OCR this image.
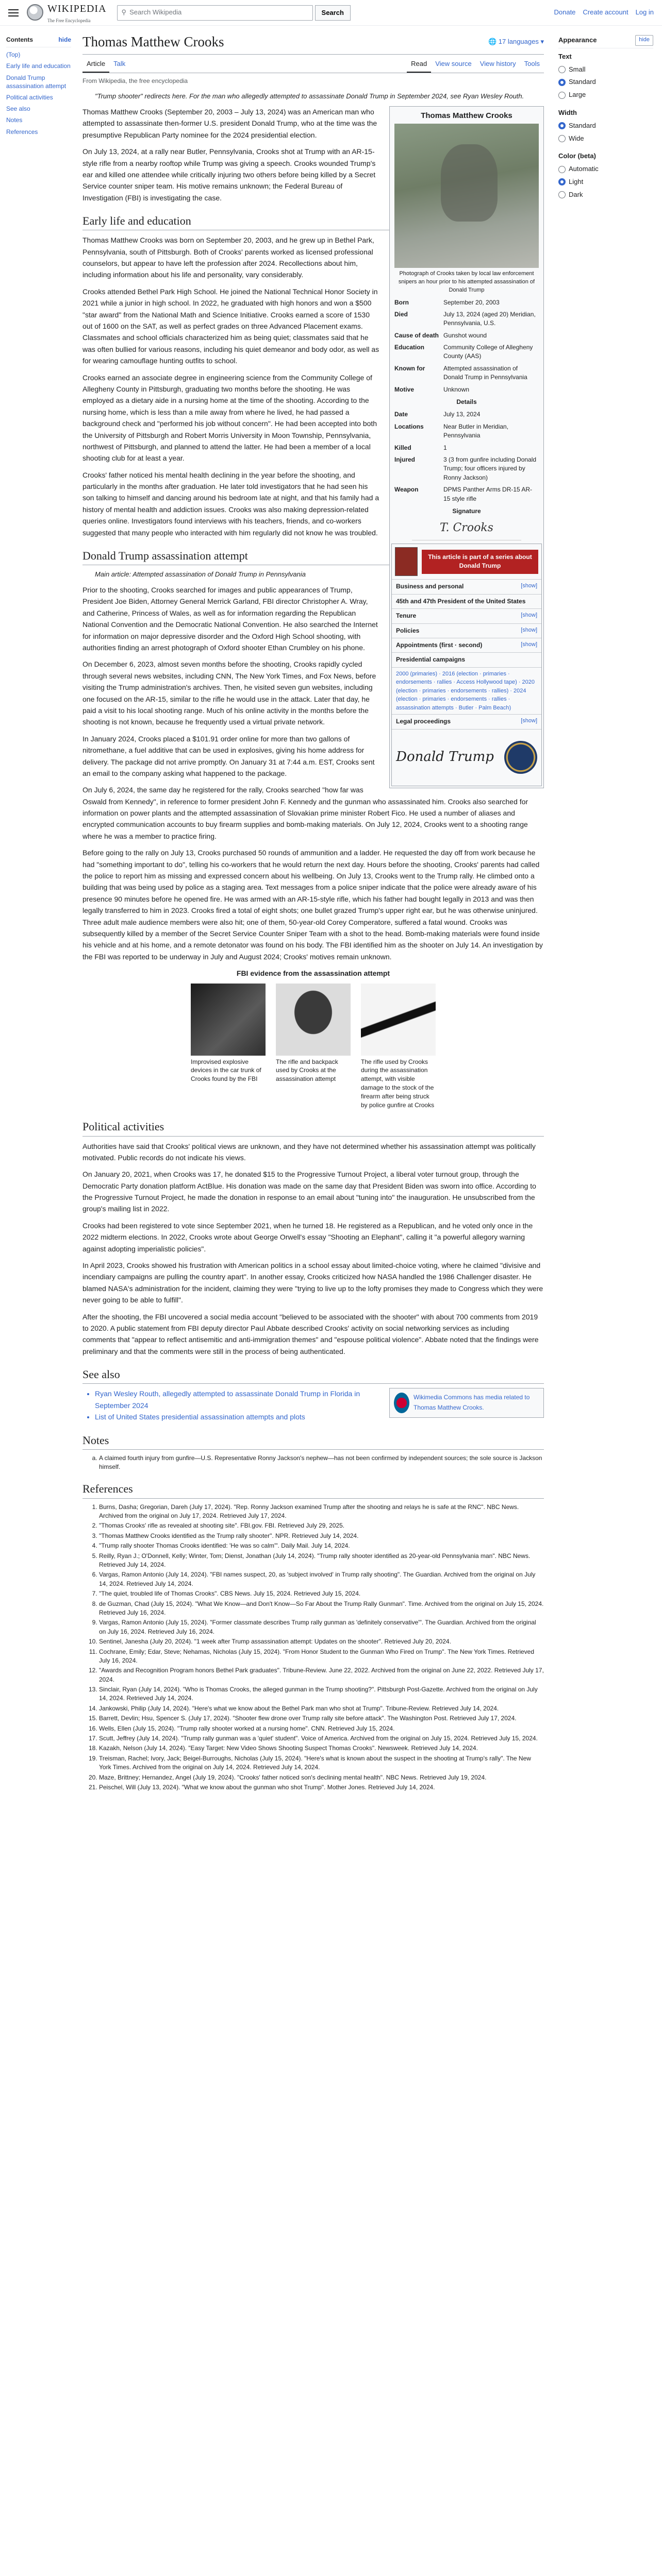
WIKIPEDIA
The Free Encyclopedia
⚲ Search Wikipedia	Search	Donate Create account Log in
Contents	hide
(Top)
Early life and education
Donald Trump assassination attempt
Political activities
See also
Notes
References
Thomas Matthew Crooks	🌐 17 languages ▾
Article	Talk	Read	View source	View history	Tools
From Wikipedia, the free encyclopedia
"Trump shooter" redirects here. For the man who allegedly attempted to assassinate Donald Trump in September 2024, see Ryan Wesley Routh.
Thomas Matthew Crooks
Photograph of Crooks taken by local law enforcement snipers an hour prior to his attempted assassination of Donald Trump
Born	September 20, 2003
Died	July 13, 2024 (aged 20) Meridian, Pennsylvania, U.S.
Cause of death Gunshot wound
Education	Community College of Allegheny County (AAS)
Known for	Attempted assassination of Donald Trump in Pennsylvania
Motive	Unknown
Details
Date	July 13, 2024
Locations	Near Butler in Meridian, Pennsylvania
Killed	1
Injured	3 (3 from gunfire including Donald Trump; four officers injured by Ronny Jackson)
Weapon	DPMS Panther Arms DR-15 AR-15 style rifle
Signature
T. Crooks
This article is part of a series about Donald Trump
Business and personal	[show]
45th and 47th President of the United States
Tenure	[show]
Policies	[show]
Appointments (first · second)	[show]
Presidential campaigns
2000 (primaries) · 2016 (election · primaries · endorsements · rallies · Access Hollywood tape) · 2020 (election · primaries · endorsements · rallies) · 2024 (election · primaries · endorsements · rallies · assassination attempts · Butler · Palm Beach)
Legal proceedings	[show]
Donald Trump

Thomas Matthew Crooks (September 20, 2003 – July 13, 2024) was an American man who attempted to assassinate then-former U.S. president Donald Trump, who at the time was the presumptive Republican Party nominee for the 2024 presidential election.

On July 13, 2024, at a rally near Butler, Pennsylvania, Crooks shot at Trump with an AR-15-style rifle from a nearby rooftop while Trump was giving a speech. Crooks wounded Trump's ear and killed one attendee while critically injuring two others before being killed by a Secret Service counter sniper team. His motive remains unknown; the Federal Bureau of Investigation (FBI) is investigating the case.

Early life and education

Thomas Matthew Crooks was born on September 20, 2003, and he grew up in Bethel Park, Pennsylvania, south of Pittsburgh. Both of Crooks' parents worked as licensed professional counselors, but appear to have left the profession after 2024. Recollections about him, including information about his life and personality, vary considerably.

Crooks attended Bethel Park High School. He joined the National Technical Honor Society in 2021 while a junior in high school. In 2022, he graduated with high honors and won a $500 "star award" from the National Math and Science Initiative. Crooks earned a score of 1530 out of 1600 on the SAT, as well as perfect grades on three Advanced Placement exams. Classmates and school officials characterized him as being quiet; classmates said that he was often bullied for various reasons, including his quiet demeanor and body odor, as well as for wearing camouflage hunting outfits to school.

Crooks earned an associate degree in engineering science from the Community College of Allegheny County in Pittsburgh, graduating two months before the shooting. He was employed as a dietary aide in a nursing home at the time of the shooting. According to the nursing home, which is less than a mile away from where he lived, he had passed a background check and "performed his job without concern". He had been accepted into both the University of Pittsburgh and Robert Morris University in Moon Township, Pennsylvania, northwest of Pittsburgh, and planned to attend the latter. He had been a member of a local shooting club for at least a year.

Crooks' father noticed his mental health declining in the year before the shooting, and particularly in the months after graduation. He later told investigators that he had seen his son talking to himself and dancing around his bedroom late at night, and that his family had a history of mental health and addiction issues. Crooks was also making depression-related queries online. Investigators found interviews with his teachers, friends, and co-workers suggested that many people who interacted with him regularly did not know he was troubled.

Donald Trump assassination attempt
Main article: Attempted assassination of Donald Trump in Pennsylvania

Prior to the shooting, Crooks searched for images and public appearances of Trump, President Joe Biden, Attorney General Merrick Garland, FBI director Christopher A. Wray, and Catherine, Princess of Wales, as well as for information regarding the Republican National Convention and the Democratic National Convention. He also searched the Internet for information on major depressive disorder and the Oxford High School shooting, with authorities finding an arrest photograph of Oxford shooter Ethan Crumbley on his phone.

On December 6, 2023, almost seven months before the shooting, Crooks rapidly cycled through several news websites, including CNN, The New York Times, and Fox News, before visiting the Trump administration's archives. Then, he visited seven gun websites, including one focused on the AR-15, similar to the rifle he would use in the attack. Later that day, he paid a visit to his local shooting range. Much of his online activity in the months before the shooting is not known, because he frequently used a virtual private network.

In January 2024, Crooks placed a $101.91 order online for more than two gallons of nitromethane, a fuel additive that can be used in explosives, giving his home address for delivery. The package did not arrive promptly. On January 31 at 7:44 a.m. EST, Crooks sent an email to the company asking what happened to the package.

On July 6, 2024, the same day he registered for the rally, Crooks searched "how far was Oswald from Kennedy", in reference to former president John F. Kennedy and the gunman who assassinated him. Crooks also searched for information on power plants and the attempted assassination of Slovakian prime minister Robert Fico. He used a number of aliases and encrypted communication accounts to buy firearm supplies and bomb-making materials. On July 12, 2024, Crooks went to a shooting range where he was a member to practice firing.

Before going to the rally on July 13, Crooks purchased 50 rounds of ammunition and a ladder. He requested the day off from work because he had "something important to do", telling his co-workers that he would return the next day. Hours before the shooting, Crooks' parents had called the police to report him as missing and expressed concern about his wellbeing. On July 13, Crooks went to the Trump rally. He climbed onto a building that was being used by police as a staging area. Text messages from a police sniper indicate that the police were already aware of his presence 90 minutes before he opened fire. He was armed with an AR-15-style rifle, which his father had bought legally in 2013 and was then legally transferred to him in 2023. Crooks fired a total of eight shots; one bullet grazed Trump's upper right ear, but he was otherwise uninjured. Three adult male audience members were also hit; one of them, 50-year-old Corey Comperatore, suffered a fatal wound. Crooks was subsequently killed by a member of the Secret Service Counter Sniper Team with a shot to the head. Bomb-making materials were found inside his vehicle and at his home, and a remote detonator was found on his body. The FBI identified him as the shooter on July 14. An investigation by the FBI was reported to be underway in July and August 2024; Crooks' motives remain unknown.

FBI evidence from the assassination attempt
Improvised explosive devices in the car trunk of Crooks found by the FBI
The rifle and backpack used by Crooks at the assassination attempt
The rifle used by Crooks during the assassination attempt, with visible damage to the stock of the firearm after being struck by police gunfire at Crooks
Political activities

Authorities have said that Crooks' political views are unknown, and they have not determined whether his assassination attempt was politically motivated. Public records do not indicate his views.

On January 20, 2021, when Crooks was 17, he donated $15 to the Progressive Turnout Project, a liberal voter turnout group, through the Democratic Party donation platform ActBlue. His donation was made on the same day that President Biden was sworn into office. According to the Progressive Turnout Project, he made the donation in response to an email about "tuning into" the inauguration. He unsubscribed from the group's mailing list in 2022.

Crooks had been registered to vote since September 2021, when he turned 18. He registered as a Republican, and he voted only once in the 2022 midterm elections. In 2022, Crooks wrote about George Orwell's essay "Shooting an Elephant", calling it "a powerful allegory warning against adopting imperialistic policies".

In April 2023, Crooks showed his frustration with American politics in a school essay about limited-choice voting, where he claimed "divisive and incendiary campaigns are pulling the country apart". In another essay, Crooks criticized how NASA handled the 1986 Challenger disaster. He blamed NASA's administration for the incident, claiming they were "trying to live up to the lofty promises they made to Congress which they were never going to be able to fulfill".

After the shooting, the FBI uncovered a social media account "believed to be associated with the shooter" with about 700 comments from 2019 to 2020. A public statement from FBI deputy director Paul Abbate described Crooks' activity on social networking services as including comments that "appear to reflect antisemitic and anti-immigration themes" and "espouse political violence". Abbate noted that the findings were preliminary and that the comments were still in the process of being authenticated.

See also
Wikimedia Commons has media related to Thomas Matthew Crooks.
• Ryan Wesley Routh, allegedly attempted to assassinate Donald Trump in Florida in September 2024
• List of United States presidential assassination attempts and plots
Notes
a. A claimed fourth injury from gunfire—U.S. Representative Ronny Jackson's nephew—has not been confirmed by independent sources; the sole source is Jackson himself.
References
1. Burns, Dasha; Gregorian, Dareh (July 17, 2024). "Rep. Ronny Jackson examined Trump after the shooting and relays he is safe at the RNC". NBC News. Archived from the original on July 17, 2024. Retrieved July 17, 2024.
2. "Thomas Crooks' rifle as revealed at shooting site". FBI.gov. FBI. Retrieved July 29, 2025.
3. "Thomas Matthew Crooks identified as the Trump rally shooter". NPR. Retrieved July 14, 2024.
4. "Trump rally shooter Thomas Crooks identified: 'He was so calm'". Daily Mail. July 14, 2024.
5. Reilly, Ryan J.; O'Donnell, Kelly; Winter, Tom; Dienst, Jonathan (July 14, 2024). "Trump rally shooter identified as 20-year-old Pennsylvania man". NBC News. Retrieved July 14, 2024.
6. Vargas, Ramon Antonio (July 14, 2024). "FBI names suspect, 20, as 'subject involved' in Trump rally shooting". The Guardian. Archived from the original on July 14, 2024. Retrieved July 14, 2024.
7. "The quiet, troubled life of Thomas Crooks". CBS News. July 15, 2024. Retrieved July 15, 2024.
8. de Guzman, Chad (July 15, 2024). "What We Know—and Don't Know—So Far About the Trump Rally Gunman". Time. Archived from the original on July 15, 2024. Retrieved July 16, 2024.
9. Vargas, Ramon Antonio (July 15, 2024). "Former classmate describes Trump rally gunman as 'definitely conservative'". The Guardian. Archived from the original on July 16, 2024. Retrieved July 16, 2024.
10. Sentinel, Janesha (July 20, 2024). "1 week after Trump assassination attempt: Updates on the shooter". Retrieved July 20, 2024.
11. Cochrane, Emily; Edar, Steve; Nehamas, Nicholas (July 15, 2024). "From Honor Student to the Gunman Who Fired on Trump". The New York Times. Retrieved July 16, 2024.
12. "Awards and Recognition Program honors Bethel Park graduates". Tribune-Review. June 22, 2022. Archived from the original on June 22, 2022. Retrieved July 17, 2024.
13. Sinclair, Ryan (July 14, 2024). "Who is Thomas Crooks, the alleged gunman in the Trump shooting?". Pittsburgh Post-Gazette. Archived from the original on July 14, 2024. Retrieved July 14, 2024.
14. Jankowski, Philip (July 14, 2024). "Here's what we know about the Bethel Park man who shot at Trump". Tribune-Review. Retrieved July 14, 2024.
15. Barrett, Devlin; Hsu, Spencer S. (July 17, 2024). "Shooter flew drone over Trump rally site before attack". The Washington Post. Retrieved July 17, 2024.
16. Wells, Ellen (July 15, 2024). "Trump rally shooter worked at a nursing home". CNN. Retrieved July 15, 2024.
17. Scutt, Jeffrey (July 14, 2024). "Trump rally gunman was a 'quiet' student". Voice of America. Archived from the original on July 15, 2024. Retrieved July 15, 2024.
18. Kazakh, Nelson (July 14, 2024). "Easy Target: New Video Shows Shooting Suspect Thomas Crooks". Newsweek. Retrieved July 14, 2024.
19. Treisman, Rachel; Ivory, Jack; Beigel-Burroughs, Nicholas (July 15, 2024). "Here's what is known about the suspect in the shooting at Trump's rally". The New York Times. Archived from the original on July 14, 2024. Retrieved July 14, 2024.
20. Maze, Brittney; Hernandez, Angel (July 19, 2024). "Crooks' father noticed son's declining mental health". NBC News. Retrieved July 19, 2024.
21. Peischel, Will (July 13, 2024). "What we know about the gunman who shot Trump". Mother Jones. Retrieved July 14, 2024.
Appearance	hide
Text
Small
Standard
Large
Width
Standard
Wide
Color (beta)
Automatic
Light
Dark
